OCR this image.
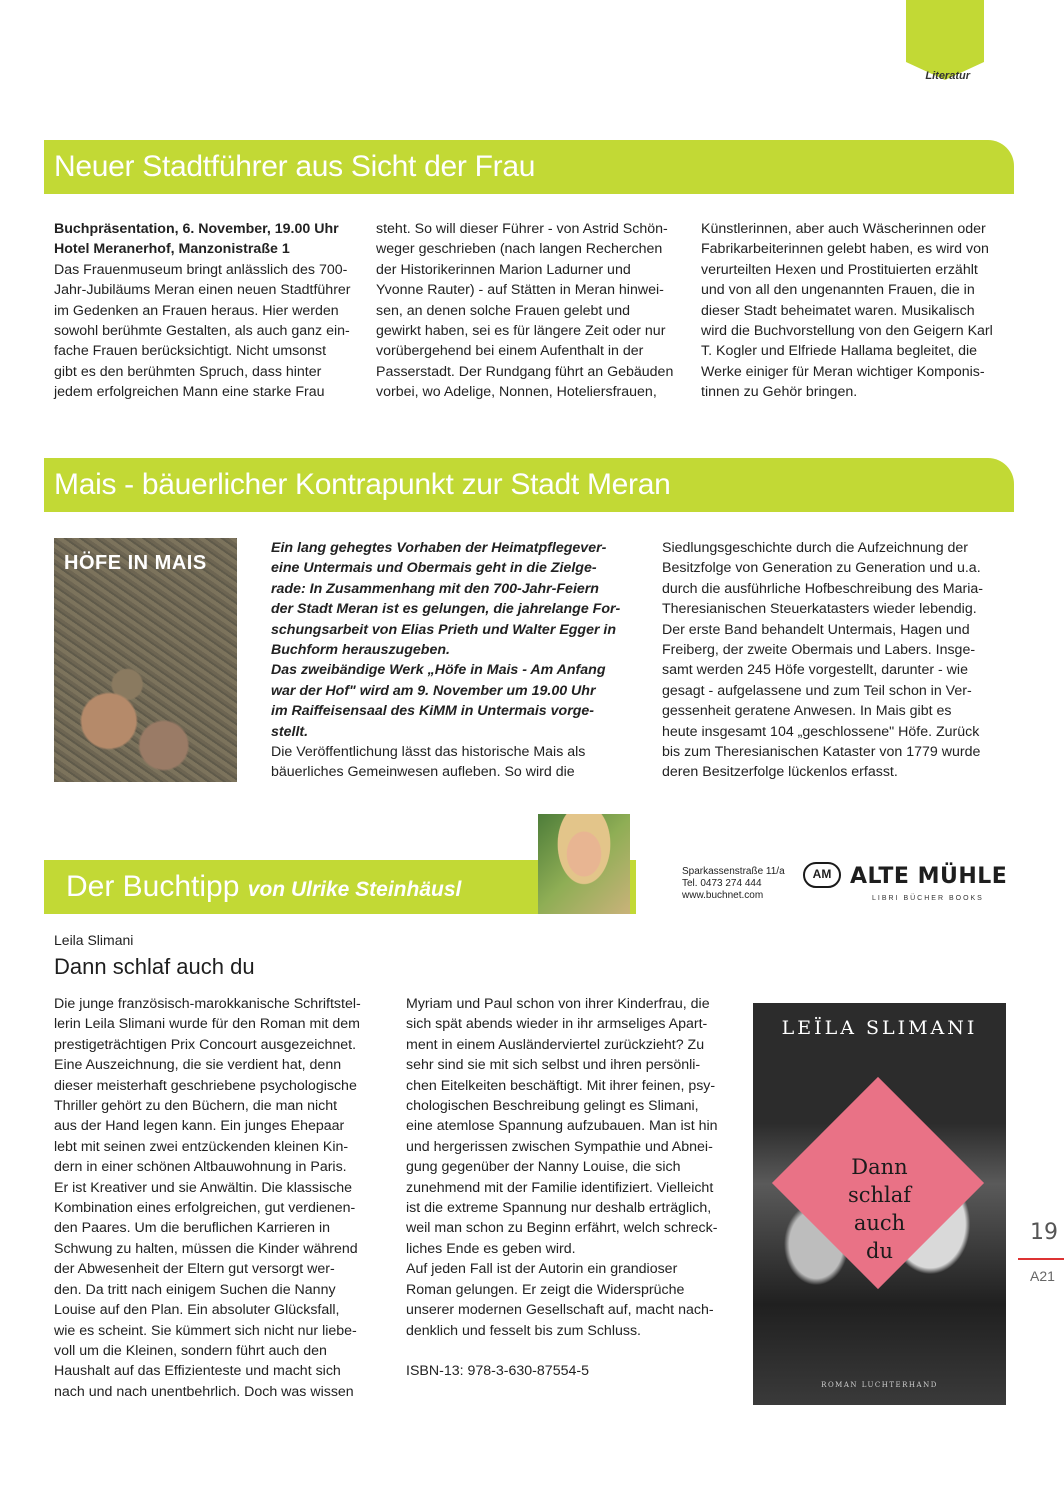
Literatur
Neuer Stadtführer aus Sicht der Frau

Buchpräsentation, 6. November, 19.00 Uhr

Hotel Meranerhof, Manzonistraße 1

Das Frauenmuseum bringt anlässlich des 700-

Jahr-Jubiläums Meran einen neuen Stadtführer

im Gedenken an Frauen heraus. Hier werden

sowohl berühmte Gestalten, als auch ganz ein-

fache Frauen berücksichtigt. Nicht umsonst

gibt es den berühmten Spruch, dass hinter

jedem erfolgreichen Mann eine starke Frau

steht. So will dieser Führer - von Astrid Schön-

weger geschrieben (nach langen Recherchen

der Historikerinnen Marion Ladurner und

Yvonne Rauter) - auf Stätten in Meran hinwei-

sen, an denen solche Frauen gelebt und

gewirkt haben, sei es für längere Zeit oder nur

vorübergehend bei einem Aufenthalt in der

Passerstadt. Der Rundgang führt an Gebäuden

vorbei, wo Adelige, Nonnen, Hoteliersfrauen,

Künstlerinnen, aber auch Wäscherinnen oder

Fabrikarbeiterinnen gelebt haben, es wird von

verurteilten Hexen und Prostituierten erzählt

und von all den ungenannten Frauen, die in

dieser Stadt beheimatet waren. Musikalisch

wird die Buchvorstellung von den Geigern Karl

T. Kogler und Elfriede Hallama begleitet, die

Werke einiger für Meran wichtiger Komponis-

tinnen zu Gehör bringen.

Mais - bäuerlicher Kontrapunkt zur Stadt Meran
HÖFE IN MAIS

Ein lang gehegtes Vorhaben der Heimatpflegever-

eine Untermais und Obermais geht in die Zielge-

rade: In Zusammenhang mit den 700-Jahr-Feiern

der Stadt Meran ist es gelungen, die jahrelange For-

schungsarbeit von Elias Prieth und Walter Egger in

Buchform herauszugeben.

Das zweibändige Werk „Höfe in Mais - Am Anfang

war der Hof" wird am 9. November um 19.00 Uhr

im Raiffeisensaal des KiMM in Untermais vorge-

stellt.

Die Veröffentlichung lässt das historische Mais als

bäuerliches Gemeinwesen aufleben. So wird die

Siedlungsgeschichte durch die Aufzeichnung der

Besitzfolge von Generation zu Generation und u.a.

durch die ausführliche Hofbeschreibung des Maria-

Theresianischen Steuerkatasters wieder lebendig.

Der erste Band behandelt Untermais, Hagen und

Freiberg, der zweite Obermais und Labers. Insge-

samt werden 245 Höfe vorgestellt, darunter - wie

gesagt - aufgelassene und zum Teil schon in Ver-

gessenheit geratene Anwesen. In Mais gibt es

heute insgesamt 104 „geschlossene" Höfe. Zurück

bis zum Theresianischen Kataster von 1779 wurde

deren Besitzerfolge lückenlos erfasst.

Der Buchtipp von Ulrike Steinhäusl
Sparkassenstraße 11/a
Tel. 0473 274 444
www.buchnet.com
AM ALTE MÜHLE
LIBRI BÜCHER BOOKS
Leila Slimani
Dann schlaf auch du

Die junge französisch-marokkanische Schriftstel-

lerin Leila Slimani wurde für den Roman mit dem

prestigeträchtigen Prix Concourt ausgezeichnet.

Eine Auszeichnung, die sie verdient hat, denn

dieser meisterhaft geschriebene psychologische

Thriller gehört zu den Büchern, die man nicht

aus der Hand legen kann. Ein junges Ehepaar

lebt mit seinen zwei entzückenden kleinen Kin-

dern in einer schönen Altbauwohnung in Paris.

Er ist Kreativer und sie Anwältin. Die klassische

Kombination eines erfolgreichen, gut verdienen-

den Paares. Um die beruflichen Karrieren in

Schwung zu halten, müssen die Kinder während

der Abwesenheit der Eltern gut versorgt wer-

den. Da tritt nach einigem Suchen die Nanny

Louise auf den Plan. Ein absoluter Glücksfall,

wie es scheint. Sie kümmert sich nicht nur liebe-

voll um die Kleinen, sondern führt auch den

Haushalt auf das Effizienteste und macht sich

nach und nach unentbehrlich. Doch was wissen

Myriam und Paul schon von ihrer Kinderfrau, die

sich spät abends wieder in ihr armseliges Apart-

ment in einem Ausländerviertel zurückzieht? Zu

sehr sind sie mit sich selbst und ihren persönli-

chen Eitelkeiten beschäftigt. Mit ihrer feinen, psy-

chologischen Beschreibung gelingt es Slimani,

eine atemlose Spannung aufzubauen. Man ist hin

und hergerissen zwischen Sympathie und Abnei-

gung gegenüber der Nanny Louise, die sich

zunehmend mit der Familie identifiziert. Vielleicht

ist die extreme Spannung nur deshalb erträglich,

weil man schon zu Beginn erfährt, welch schreck-

liches Ende es geben wird.

Auf jeden Fall ist der Autorin ein grandioser

Roman gelungen. Er zeigt die Widersprüche

unserer modernen Gesellschaft auf, macht nach-

denklich und fesselt bis zum Schluss.

ISBN-13: 978-3-630-87554-5

LEÏLA SLIMANI
Dann
schlaf
auch
du
ROMAN LUCHTERHAND
19
A21
